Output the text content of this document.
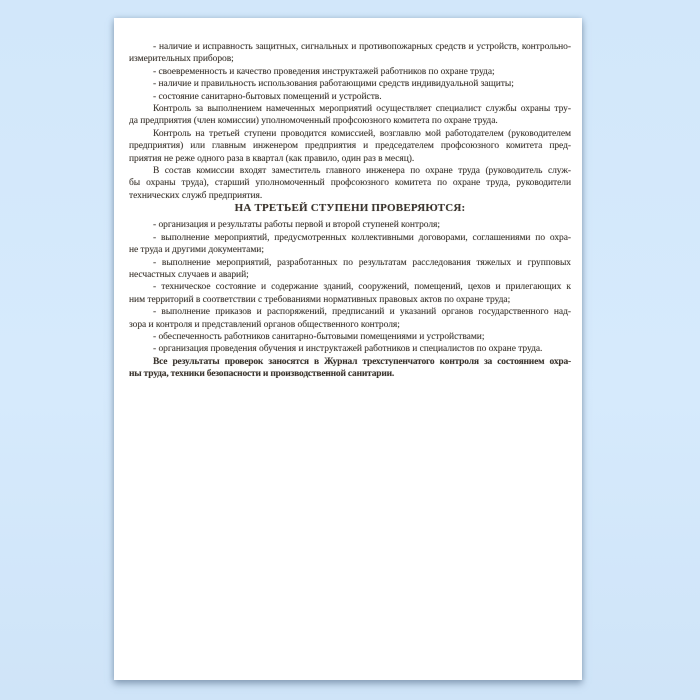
- наличие и исправность защитных, сигнальных и противопожарных средств и устройств, контрольно-
измерительных приборов;
- своевременность и качество проведения инструктажей работников по охране труда;
- наличие и правильность использования работающими средств индивидуальной защиты;
- состояние санитарно-бытовых помещений и устройств.
Контроль за выполнением намеченных мероприятий осуществляет специалист службы охраны тру-
да предприятия (член комиссии) уполномоченный профсоюзного комитета по охране труда.
Контроль на третьей ступени проводится комиссией, возглавлю мой работодателем (руководителем
предприятия) или главным инженером предприятия и председателем профсоюзного комитета пред-
приятия не реже одного раза в квартал (как правило, один раз в месяц).
В состав комиссии входят заместитель главного инженера по охране труда (руководитель служ-
бы охраны труда), старший уполномоченный профсоюзного комитета по охране труда, руководители
технических служб предприятия.
НА ТРЕТЬЕЙ СТУПЕНИ ПРОВЕРЯЮТСЯ:
- организация и результаты работы первой и второй ступеней контроля;
- выполнение мероприятий, предусмотренных коллективными договорами, соглашениями по охра-
не труда и другими документами;
- выполнение мероприятий, разработанных по результатам расследования тяжелых и групповых
несчастных случаев и аварий;
- техническое состояние и содержание зданий, сооружений, помещений, цехов и прилегающих к
ним территорий в соответствии с требованиями нормативных правовых актов по охране труда;
- выполнение приказов и распоряжений, предписаний и указаний органов государственного над-
зора и контроля и представлений органов общественного контроля;
- обеспеченность работников санитарно-бытовыми помещениями и устройствами;
- организация проведения обучения и инструктажей работников и специалистов по охране труда.
Все результаты проверок заносятся в Журнал трехступенчатого контроля за состоянием охра-
ны труда, техники безопасности и производственной санитарии.
